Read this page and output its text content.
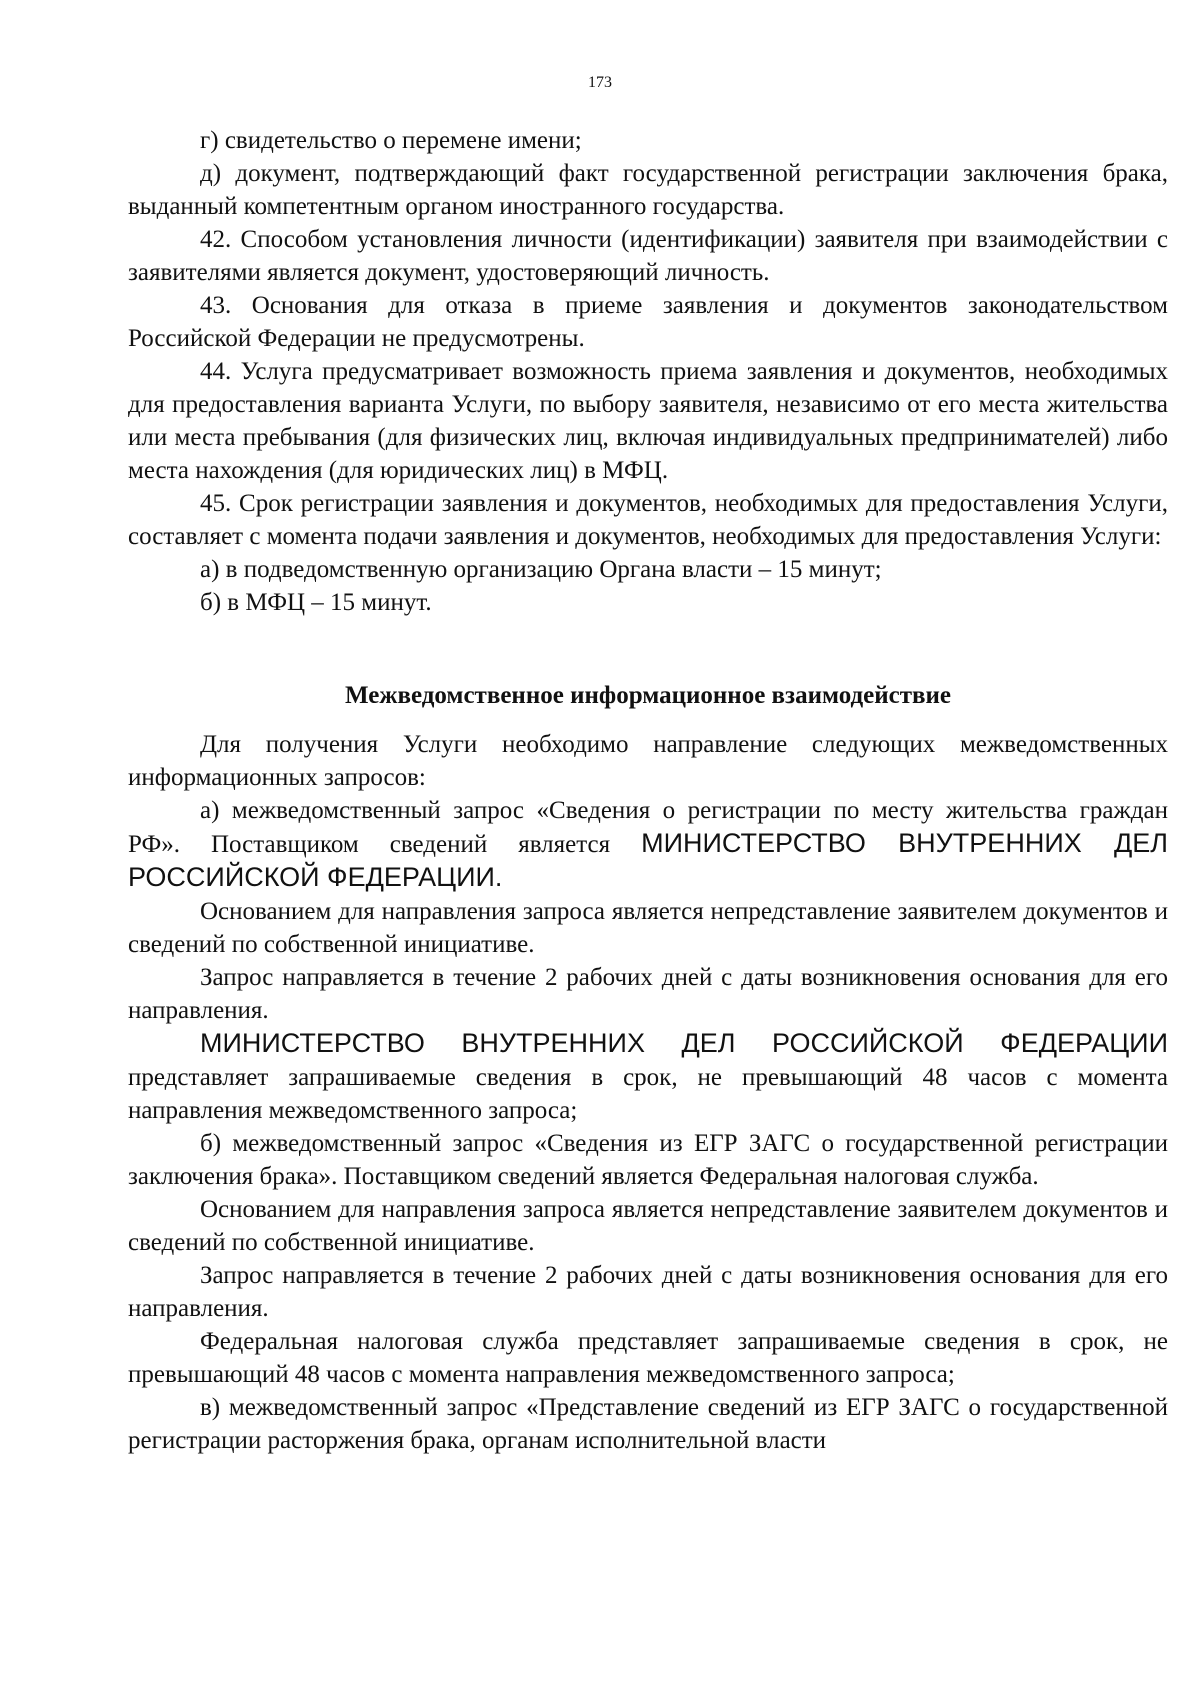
173

г) свидетельство о перемене имени;

д) документ, подтверждающий факт государственной регистрации заключения брака, выданный компетентным органом иностранного государства.

42. Способом установления личности (идентификации) заявителя при взаимодействии с заявителями является документ, удостоверяющий личность.

43. Основания для отказа в приеме заявления и документов законодательством Российской Федерации не предусмотрены.

44. Услуга предусматривает возможность приема заявления и документов, необходимых для предоставления варианта Услуги, по выбору заявителя, независимо от его места жительства или места пребывания (для физических лиц, включая индивидуальных предпринимателей) либо места нахождения (для юридических лиц) в МФЦ.

45. Срок регистрации заявления и документов, необходимых для предоставления Услуги, составляет с момента подачи заявления и документов, необходимых для предоставления Услуги:

а) в подведомственную организацию Органа власти – 15 минут;

б) в МФЦ – 15 минут.

Межведомственное информационное взаимодействие

Для получения Услуги необходимо направление следующих межведомственных информационных запросов:

а) межведомственный запрос «Сведения о регистрации по месту жительства граждан РФ». Поставщиком сведений является МИНИСТЕРСТВО ВНУТРЕННИХ ДЕЛ РОССИЙСКОЙ ФЕДЕРАЦИИ.

Основанием для направления запроса является непредставление заявителем документов и сведений по собственной инициативе.

Запрос направляется в течение 2 рабочих дней с даты возникновения основания для его направления.

МИНИСТЕРСТВО ВНУТРЕННИХ ДЕЛ РОССИЙСКОЙ ФЕДЕРАЦИИ представляет запрашиваемые сведения в срок, не превышающий 48 часов с момента направления межведомственного запроса;

б) межведомственный запрос «Сведения из ЕГР ЗАГС о государственной регистрации заключения брака». Поставщиком сведений является Федеральная налоговая служба.

Основанием для направления запроса является непредставление заявителем документов и сведений по собственной инициативе.

Запрос направляется в течение 2 рабочих дней с даты возникновения основания для его направления.

Федеральная налоговая служба представляет запрашиваемые сведения в срок, не превышающий 48 часов с момента направления межведомственного запроса;

в) межведомственный запрос «Представление сведений из ЕГР ЗАГС о государственной регистрации расторжения брака, органам исполнительной власти
